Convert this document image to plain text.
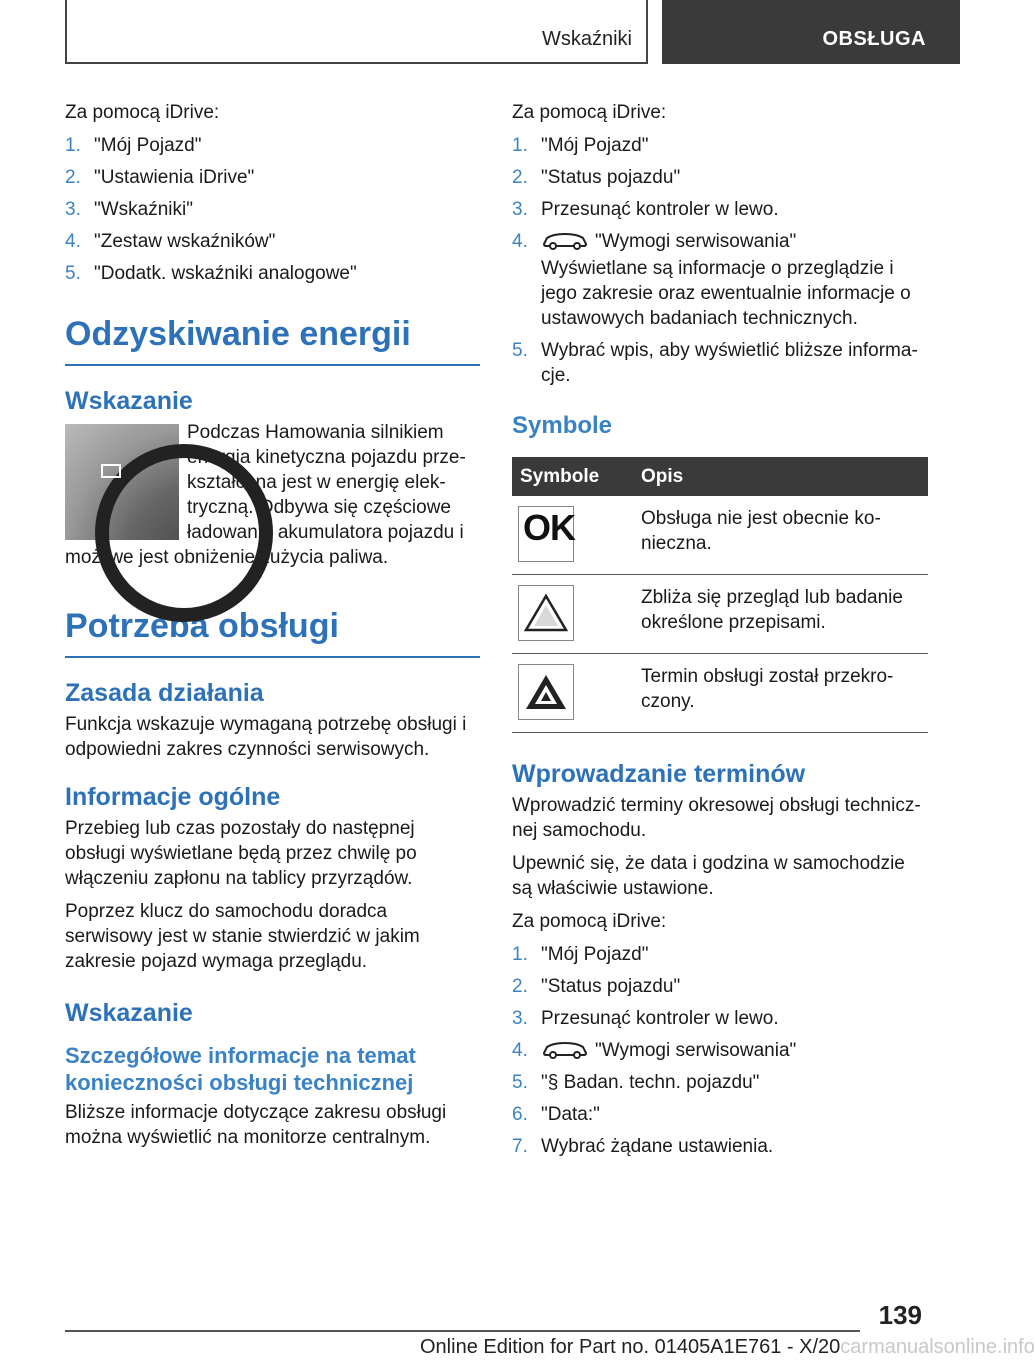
Wskaźniki	OBSŁUGA

Za pomocą iDrive:

1. "Mój Pojazd"
2. "Ustawienia iDrive"
3. "Wskaźniki"
4. "Zestaw wskaźników"
5. "Dodatk. wskaźniki analogowe"
Odzyskiwanie energii
Wskazanie

Podczas Hamowania silnikiem energia kinetyczna pojazdu przekształcana jest w energię elektryczną. Odbywa się częściowe ładowanie akumulatora pojazdu i możliwe jest obniżenie zużycia paliwa.

Potrzeba obsługi
Zasada działania

Funkcja wskazuje wymaganą potrzebę obsługi i odpowiedni zakres czynności serwisowych.

Informacje ogólne

Przebieg lub czas pozostały do następnej obsługi wyświetlane będą przez chwilę po włączeniu zapłonu na tablicy przyrządów.

Poprzez klucz do samochodu doradca serwisowy jest w stanie stwierdzić w jakim zakresie pojazd wymaga przeglądu.

Wskazanie
Szczegółowe informacje na temat konieczności obsługi technicznej

Bliższe informacje dotyczące zakresu obsługi można wyświetlić na monitorze centralnym.

Za pomocą iDrive:

1. "Mój Pojazd"
2. "Status pojazdu"
3. Przesunąć kontroler w lewo.
4.	"Wymogi serwisowania"
Wyświetlane są informacje o przeglądzie i jego zakresie oraz ewentualnie informacje o ustawowych badaniach technicznych.
5. Wybrać wpis, aby wyświetlić bliższe informacje.
Symbole
Symbole	Opis

OK	Obsługa nie jest obecnie konieczna.

	Zbliża się przegląd lub badanie określone przepisami.

	Termin obsługi został przekroczony.
Wprowadzanie terminów

Wprowadzić terminy okresowej obsługi technicznej samochodu.

Upewnić się, że data i godzina w samochodzie są właściwie ustawione.

Za pomocą iDrive:

1. "Mój Pojazd"
2. "Status pojazdu"
3. Przesunąć kontroler w lewo.
4.	"Wymogi serwisowania"
5. "§ Badan. techn. pojazdu"
6. "Data:"
7. Wybrać żądane ustawienia.
139
Online Edition for Part no. 01405A1E761 - X/20carmanualsonline.info
